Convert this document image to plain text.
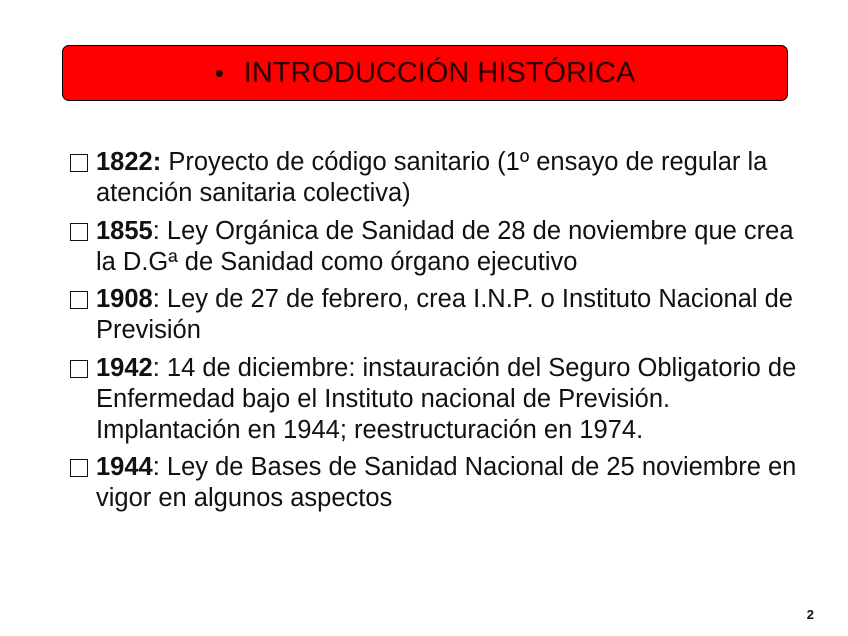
• INTRODUCCIÓN HISTÓRICA
1822: Proyecto de código sanitario (1º ensayo de regular la atención sanitaria colectiva)
1855: Ley Orgánica de Sanidad de 28 de noviembre que crea la D.Gª de Sanidad como órgano ejecutivo
1908: Ley de 27 de febrero, crea I.N.P. o Instituto Nacional de Previsión
1942: 14 de diciembre: instauración del Seguro Obligatorio de Enfermedad bajo el Instituto nacional de Previsión. Implantación en 1944; reestructuración en 1974.
1944: Ley de Bases de Sanidad Nacional de 25 noviembre en vigor en algunos aspectos
2
